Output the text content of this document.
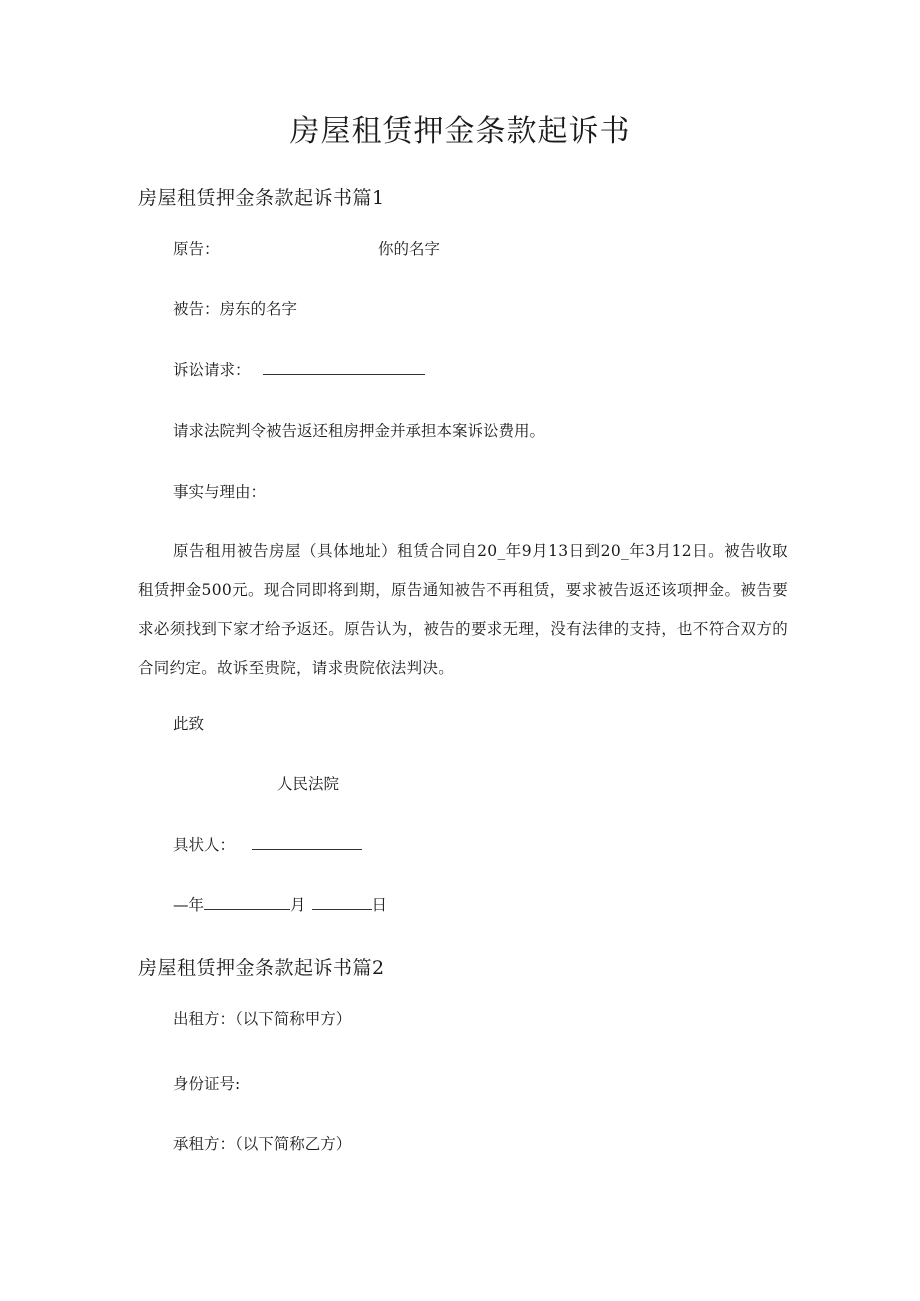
房屋租赁押金条款起诉书
房屋租赁押金条款起诉书篇1
原告：	你的名字
被告：房东的名字
诉讼请求：
请求法院判令被告返还租房押金并承担本案诉讼费用。
事实与理由：
原告租用被告房屋（具体地址）租赁合同自20_年9月13日到20_年3月12日。被告收取租赁押金500元。现合同即将到期，原告通知被告不再租赁，要求被告返还该项押金。被告要求必须找到下家才给予返还。原告认为，被告的要求无理，没有法律的支持，也不符合双方的合同约定。故诉至贵院，请求贵院依法判决。
此致
人民法院
具状人：
—年	月	日
房屋租赁押金条款起诉书篇2
出租方：（以下简称甲方）
身份证号:
承租方：（以下简称乙方）
